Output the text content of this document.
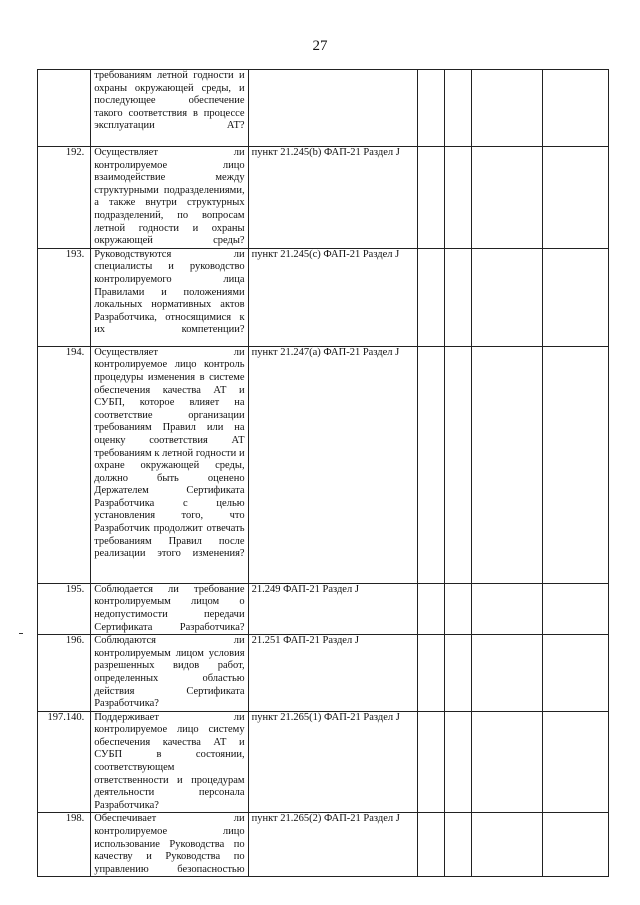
27

	требованиям летной годности и охраны окружающей среды, и последующее обеспечение такого соответствия в процессе эксплуатации АТ?					

192.	Осуществляет ли контролируемое лицо взаимодействие между структурными подразделениями, а также внутри структурных подразделений, по вопросам летной годности и охраны окружающей среды?	пункт 21.245(b) ФАП-21 Раздел J				
193.	Руководствуются ли специалисты и руководство контролируемого лица Правилами и положениями локальных нормативных актов Разработчика, относящимися к их компетенции?	пункт 21.245(c) ФАП-21 Раздел J				
194.	Осуществляет ли контролируемое лицо контроль процедуры изменения в системе обеспечения качества АТ и СУБП, которое влияет на соответствие организации требованиям Правил или на оценку соответствия АТ требованиям к летной годности и охране окружающей среды, должно быть оценено Держателем Сертификата Разработчика с целью установления того, что Разработчик продолжит отвечать требованиям Правил после реализации этого изменения?	пункт 21.247(a) ФАП-21 Раздел J				
195.	Соблюдается ли требование контролируемым лицом о недопустимости передачи Сертификата Разработчика?	21.249 ФАП-21 Раздел J				
196.	Соблюдаются ли контролируемым лицом условия разрешенных видов работ, определенных областью действия Сертификата Разработчика?	21.251 ФАП-21 Раздел J				
197.140.	Поддерживает ли контролируемое лицо систему обеспечения качества АТ и СУБП в состоянии, соответствующем ответственности и процедурам деятельности персонала Разработчика?	пункт 21.265(1) ФАП-21 Раздел J				
198.	Обеспечивает ли контролируемое лицо использование Руководства по качеству и Руководства по управлению безопасностью	пункт 21.265(2) ФАП-21 Раздел J				
